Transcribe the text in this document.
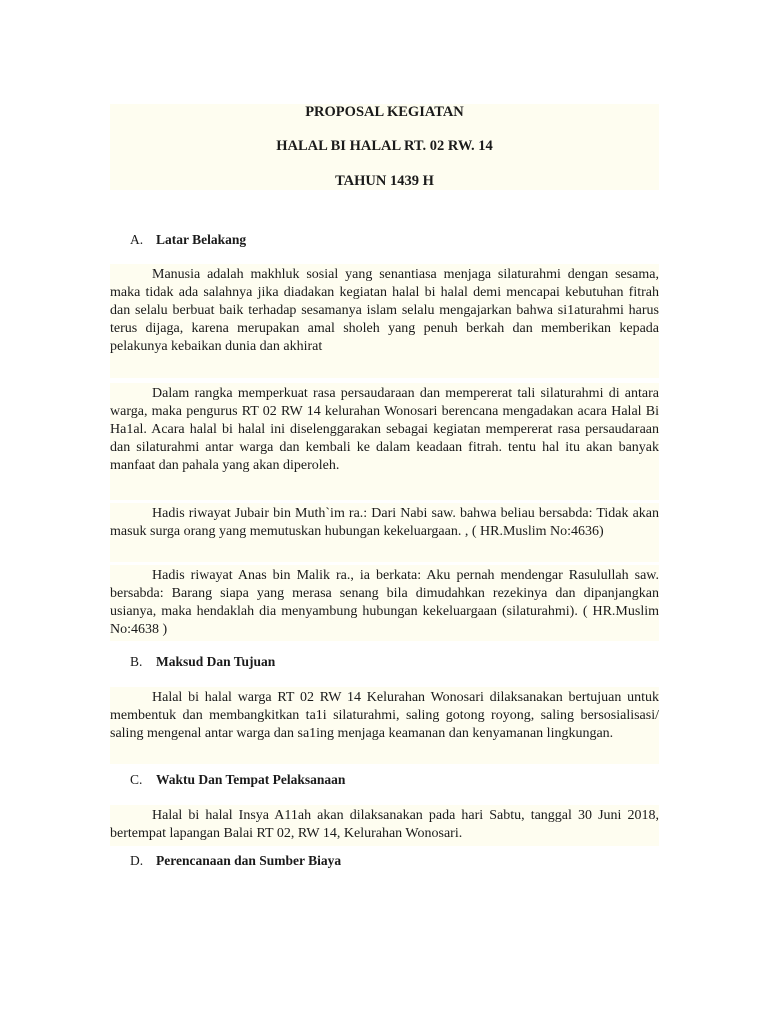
PROPOSAL KEGIATAN
HALAL BI HALAL RT. 02 RW. 14
TAHUN 1439 H
A. Latar Belakang
Manusia adalah makhluk sosial yang senantiasa menjaga silaturahmi dengan sesama, maka tidak ada salahnya jika diadakan kegiatan halal bi halal demi mencapai kebutuhan fitrah dan selalu berbuat baik terhadap sesamanya islam selalu mengajarkan bahwa si1aturahmi harus terus dijaga, karena merupakan amal sholeh yang penuh berkah dan memberikan kepada pelakunya kebaikan dunia dan akhirat
Dalam rangka memperkuat rasa persaudaraan dan mempererat tali silaturahmi di antara warga, maka pengurus RT 02 RW 14 kelurahan Wonosari berencana mengadakan acara Halal Bi Ha1al. Acara halal bi halal ini diselenggarakan sebagai kegiatan mempererat rasa persaudaraan dan silaturahmi antar warga dan kembali ke dalam keadaan fitrah. tentu hal itu akan banyak manfaat dan pahala yang akan diperoleh.
Hadis riwayat Jubair bin Muth`im ra.: Dari Nabi saw. bahwa beliau bersabda: Tidak akan masuk surga orang yang memutuskan hubungan kekeluargaan. , ( HR.Muslim No:4636)
Hadis riwayat Anas bin Malik ra., ia berkata: Aku pernah mendengar Rasulullah saw. bersabda: Barang siapa yang merasa senang bila dimudahkan rezekinya dan dipanjangkan usianya, maka hendaklah dia menyambung hubungan kekeluargaan (silaturahmi). ( HR.Muslim No:4638 )
B. Maksud Dan Tujuan
Halal bi halal warga RT 02 RW 14 Kelurahan Wonosari dilaksanakan bertujuan untuk membentuk dan membangkitkan ta1i silaturahmi, saling gotong royong, saling bersosialisasi/ saling mengenal antar warga dan sa1ing menjaga keamanan dan kenyamanan lingkungan.
C. Waktu Dan Tempat Pelaksanaan
Halal bi halal Insya A11ah akan dilaksanakan pada hari Sabtu, tanggal 30 Juni 2018, bertempat lapangan Balai RT 02, RW 14, Kelurahan Wonosari.
D. Perencanaan dan Sumber Biaya
